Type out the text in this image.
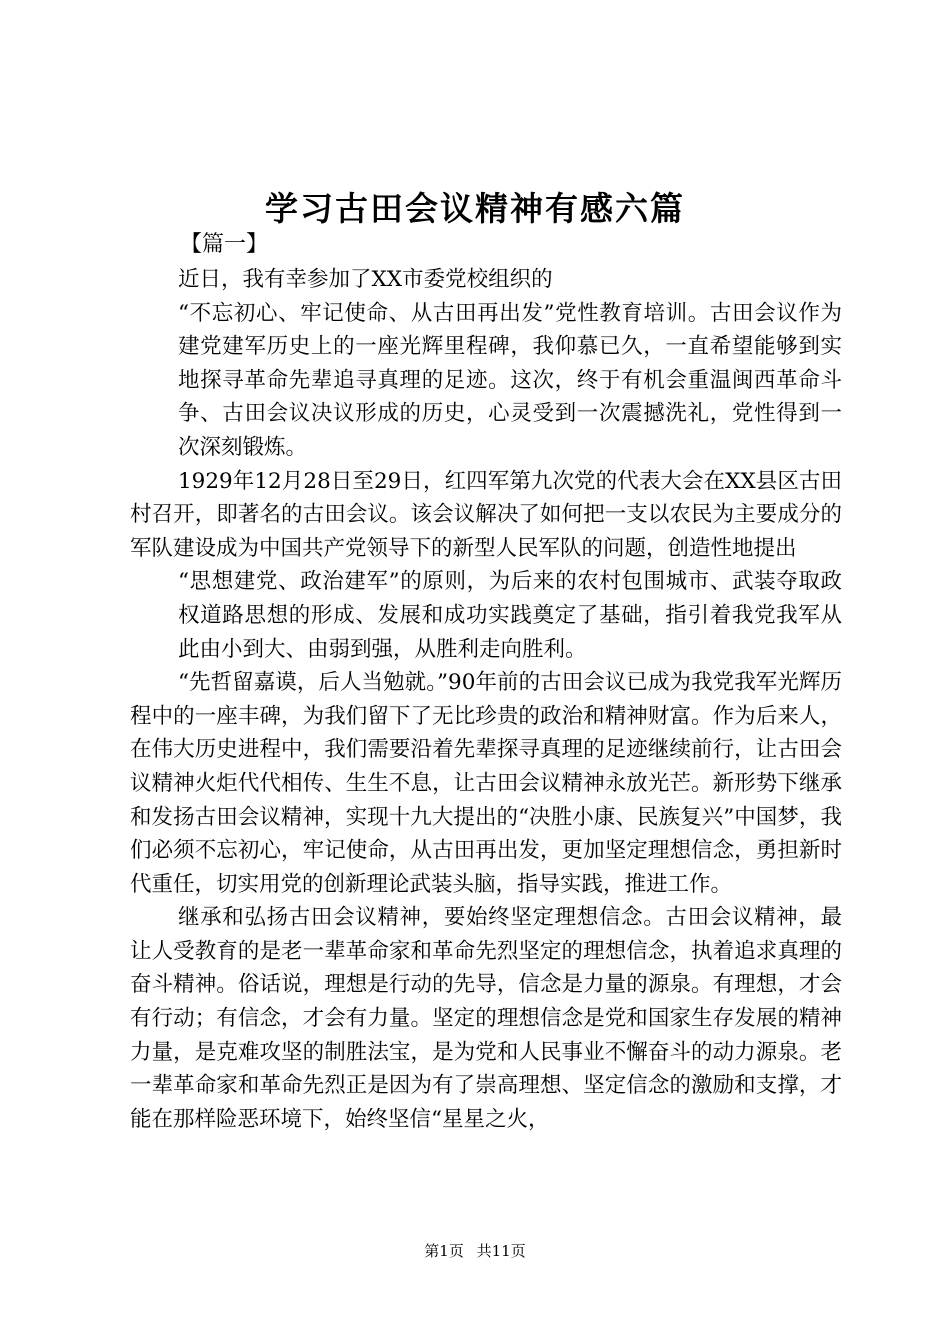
学习古田会议精神有感六篇
【篇一】

近日，我有幸参加了XX市委党校组织的

“不忘初心、牢记使命、从古田再出发”党性教育培训。古田会议作为建党建军历史上的一座光辉里程碑，我仰慕已久，一直希望能够到实地探寻革命先辈追寻真理的足迹。这次，终于有机会重温闽西革命斗争、古田会议决议形成的历史，心灵受到一次震撼洗礼，党性得到一次深刻锻炼。

1929年12月28日至29日，红四军第九次党的代表大会在XX县区古田村召开，即著名的古田会议。该会议解决了如何把一支以农民为主要成分的军队建设成为中国共产党领导下的新型人民军队的问题，创造性地提出

“思想建党、政治建军”的原则，为后来的农村包围城市、武装夺取政权道路思想的形成、发展和成功实践奠定了基础，指引着我党我军从此由小到大、由弱到强，从胜利走向胜利。

“先哲留嘉谟，后人当勉就。”90年前的古田会议已成为我党我军光辉历程中的一座丰碑，为我们留下了无比珍贵的政治和精神财富。作为后来人，在伟大历史进程中，我们需要沿着先辈探寻真理的足迹继续前行，让古田会议精神火炬代代相传、生生不息，让古田会议精神永放光芒。新形势下继承和发扬古田会议精神，实现十九大提出的“决胜小康、民族复兴”中国梦，我们必须不忘初心，牢记使命，从古田再出发，更加坚定理想信念，勇担新时代重任，切实用党的创新理论武装头脑，指导实践，推进工作。

继承和弘扬古田会议精神，要始终坚定理想信念。古田会议精神，最让人受教育的是老一辈革命家和革命先烈坚定的理想信念，执着追求真理的奋斗精神。俗话说，理想是行动的先导，信念是力量的源泉。有理想，才会有行动；有信念，才会有力量。坚定的理想信念是党和国家生存发展的精神力量，是克难攻坚的制胜法宝，是为党和人民事业不懈奋斗的动力源泉。老一辈革命家和革命先烈正是因为有了崇高理想、坚定信念的激励和支撑，才能在那样险恶环境下，始终坚信“星星之火，

第1页 共11页
